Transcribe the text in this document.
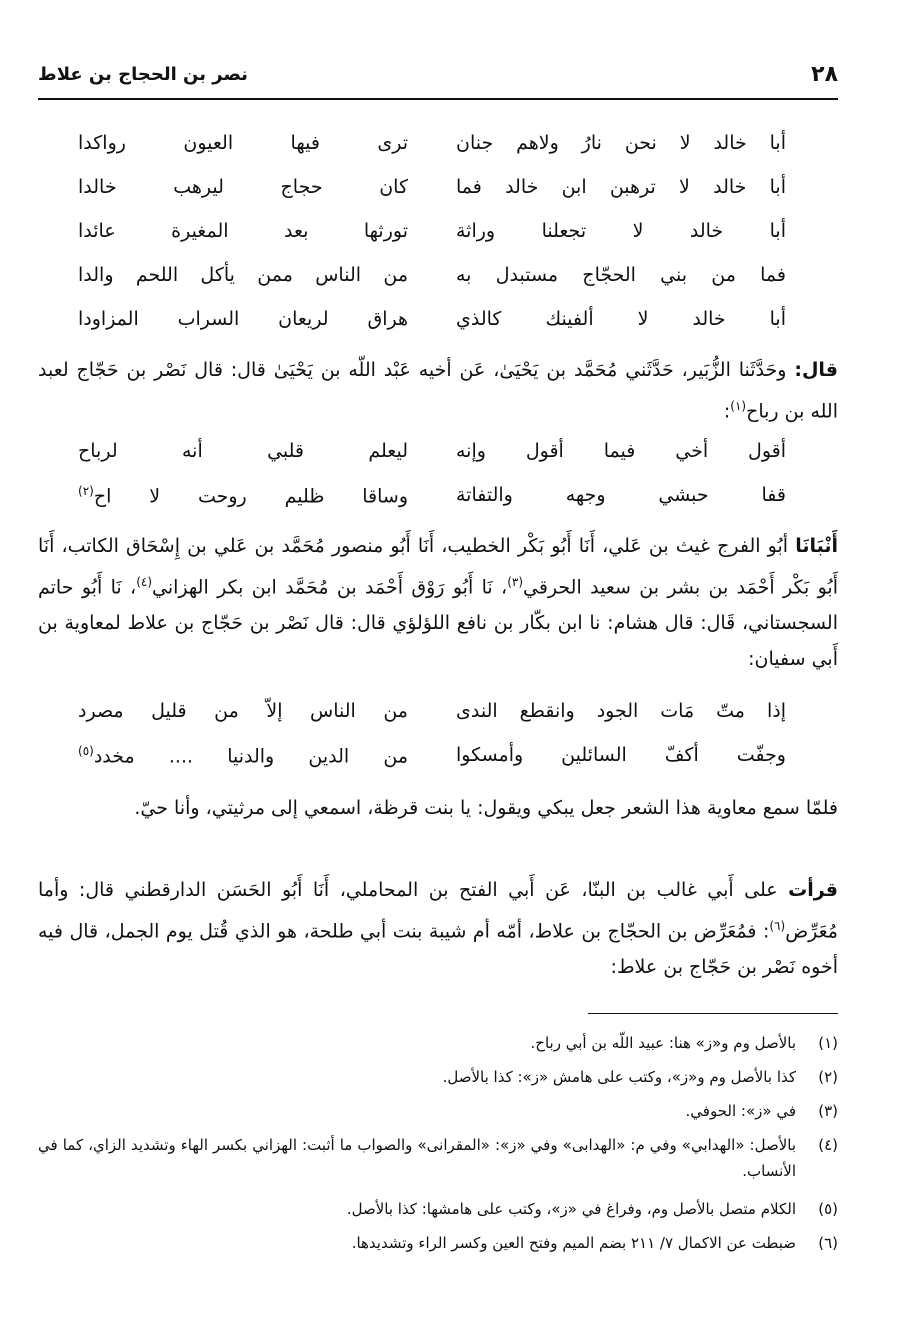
٢٨
نصر بن الحجاج بن علاط
أبا خالد لا نحن نارُ ولاهم جنان
ترى فيها العيون رواكدا
أبا خالد لا ترهبن ابن خالد فما
كان حجاج ليرهب خالدا
أبا خالد لا تجعلنا وراثة
تورثها بعد المغيرة عائدا
فما من بني الحجّاج مستبدل به
من الناس ممن يأكل اللحم والدا
أبا خالد لا ألفينك كالذي
هراق لريعان السراب المزاودا
قال: وحَدَّثَنا الزُّبَير، حَدَّثَني مُحَمَّد بن يَحْيَىٰ، عَن أخيه عَبْد اللّه بن يَحْيَىٰ قال: قال نَصْر بن حَجّاج لعبد الله بن رباح$^{(١)}$:
أقول أخي فيما أقول وإنه
ليعلم قلبي أنه لرباح
قفا حبشي وجهه والتفاتة
وساقا ظليم روحت لا اح$^{(٢)}$
أَنْبَانَا أبُو الفرج غيث بن عَلي، أَنَا أَبُو بَكْر الخطيب، أَنَا أَبُو منصور مُحَمَّد بن عَلي بن إِسْحَاق الكاتب، أَنَا أَبُو بَكْر أَحْمَد بن بشر بن سعيد الحرقي$^{(٣)}$، نَا أَبُو رَوْق أَحْمَد بن مُحَمَّد ابن بكر الهزاني$^{(٤)}$، نَا أَبُو حاتم السجستاني، قَال: قال هشام: نا ابن بكّار بن نافع اللؤلؤي قال: قال نَصْر بن حَجّاج بن علاط لمعاوية بن أَبي سفيان:
إذا متّ مَات الجود وانقطع الندى
من الناس إلاّ من قليل مصرد
وجفّت أكفّ السائلين وأمسكوا
من الدين والدنيا .... مخدد$^{(٥)}$
فلمّا سمع معاوية هذا الشعر جعل يبكي ويقول: يا بنت قرظة، اسمعي إلى مرثيتي، وأنا حيّ.
قرأت على أَبي غالب بن البنّا، عَن أَبي الفتح بن المحاملي، أَنَا أَبُو الحَسَن الدارقطني قال: وأما مُعَرِّض$^{(٦)}$: فمُعَرِّض بن الحجّاج بن علاط، أمّه أم شيبة بنت أبي طلحة، هو الذي قُتل يوم الجمل، قال فيه أخوه نَصْر بن حَجّاج بن علاط:
(١)
بالأصل وم و«ز» هنا: عبيد اللّه بن أبي رباح.
(٢)
كذا بالأصل وم و«ز»، وكتب على هامش «ز»: كذا بالأصل.
(٣)
في «ز»: الحوفي.
(٤)
بالأصل: «الهدابي» وفي م: «الهدابى» وفي «ز»: «المقرانى» والصواب ما أثبت: الهزاني بكسر الهاء وتشديد الزاي، كما في الأنساب.
(٥)
الكلام متصل بالأصل وم، وفراغ في «ز»، وكتب على هامشها: كذا بالأصل.
(٦)
ضبطت عن الاكمال ٧/ ٢١١ بضم الميم وفتح العين وكسر الراء وتشديدها.
